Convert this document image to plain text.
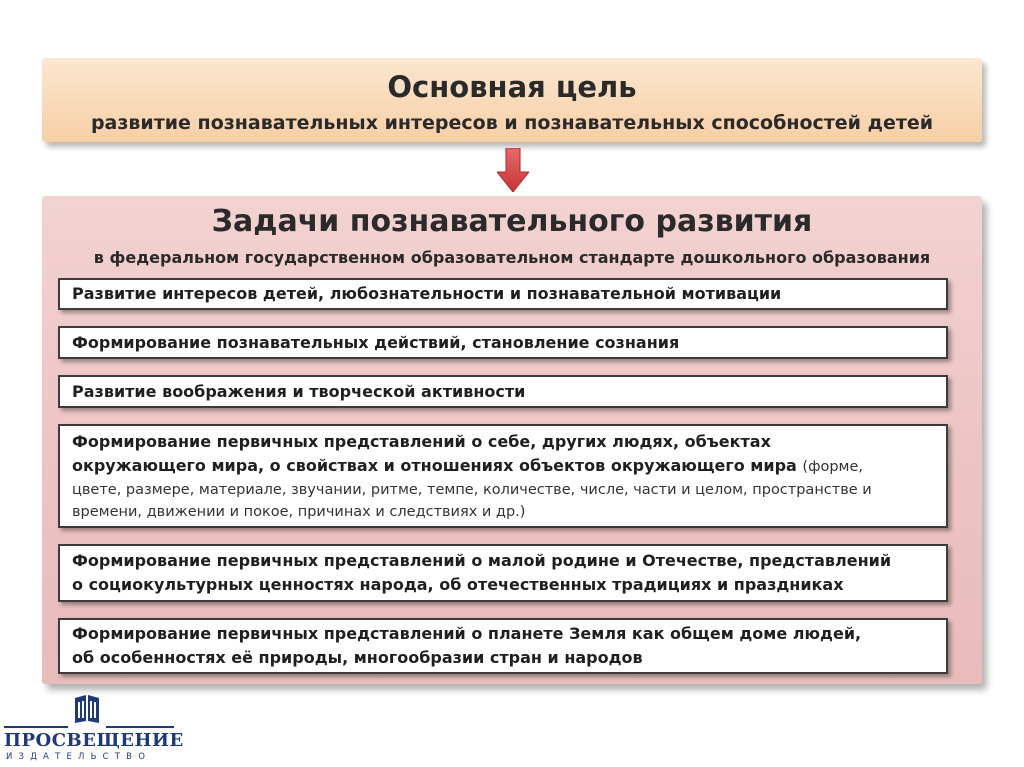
Основная цель
развитие познавательных интересов и познавательных способностей детей
Задачи познавательного развития
в федеральном государственном образовательном стандарте дошкольного образования
Развитие интересов детей, любознательности и познавательной мотивации
Формирование познавательных действий, становление сознания
Развитие воображения и творческой активности
Формирование первичных представлений о себе, других людях, объектах
окружающего мира, о свойствах и отношениях объектов окружающего мира (форме,
цвете, размере, материале, звучании, ритме, темпе, количестве, числе, части и целом, пространстве и
времени, движении и покое, причинах и следствиях и др.)
Формирование первичных представлений о малой родине и Отечестве, представлений
о социокультурных ценностях народа, об отечественных традициях и праздниках
Формирование первичных представлений о планете Земля как общем доме людей,
об особенностях её природы, многообразии стран и народов
ПРОСВЕЩЕНИЕ
ИЗДАТЕЛЬСТВО
